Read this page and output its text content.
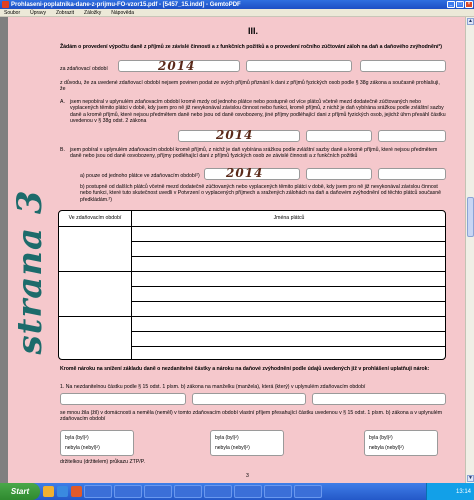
Prohlaseni-poplatnika-dane-z-prijmu-FO-vzor15.pdf - [5457_15.indd] - GemtoPDF	_	□	×
Soubor Úpravy Zobrazit Záložky Nápověda
strana 3
III.
Žádám o provedení výpočtu daně z příjmů ze závislé činnosti a z funkčních požitků a o provedení ročního zúčtování záloh na daň a daňového zvýhodnění²)
za zdaňovací období	2014
z důvodu, že za uvedené zdaňovací období nejsem povinen podat ze svých příjmů přiznání k dani z příjmů fyzických osob podle § 38g zákona a současně prohlašuji, že
A. jsem nepobíral v uplynulém zdaňovacím období kromě mzdy od jednoho plátce nebo postupně od více plátců včetně mezd dodatečně zúčtovaných nebo vyplacených těmito plátci v době, kdy jsem pro ně již nevykonával závislou činnost nebo funkci, kromě příjmů, z nichž je daň vybírána srážkou podle zvláštní sazby daně a kromě příjmů, které nejsou předmětem daně nebo jsou od daně osvobozeny, jiné příjmy podléhající dani z příjmů fyzických osob, jejichž úhrn přesáhl částku uvedenou v § 38g odst. 2 zákona
2014
B. jsem pobíral v uplynulém zdaňovacím období kromě příjmů, z nichž je daň vybírána srážkou podle zvláštní sazby daně a kromě příjmů, které nejsou předmětem daně nebo jsou od daně osvobozeny, příjmy podléhající dani z příjmů fyzických osob ze závislé činnosti a z funkčních požitků
a) pouze od jednoho plátce ve zdaňovacím období²) 2014
b) postupně od dalších plátců včetně mezd dodatečně zúčtovaných nebo vyplacených těmito plátci v době, kdy jsem pro ně již nevykonával závislou činnost nebo funkci, které tuto skutečnost uvedli v Potvrzení o vyplacených příjmech a sražených zálohách na daň a daňovém zvýhodnění od těchto plátců současně předkládám.²)
Ve zdaňovacím období	Jména plátců
Kromě nároku na snížení základu daně o nezdanitelné částky a nároku na daňové zvýhodnění podle údajů uvedených již v prohlášení uplatňuji nárok:
1. Na nezdanitelnou částku podle § 15 odst. 1 písm. b) zákona na manželku (manžela), která (který) v uplynulém zdaňovacím období
se mnou žila (žil) v domácnosti a neměla (neměl) v tomto zdaňovacím období vlastní příjem přesahující částku uvedenou v § 15 odst. 1 písm. b) zákona a v uplynulém zdaňovacím období
byla (byl)²)
nebyla (nebyl)²)
byla (byl)²)
nebyla (nebyl)²)
byla (byl)²)
nebyla (nebyl)²)
držitelkou (držitelem) průkazu ZTP/P.
3
▲
▼
Start	13:14
